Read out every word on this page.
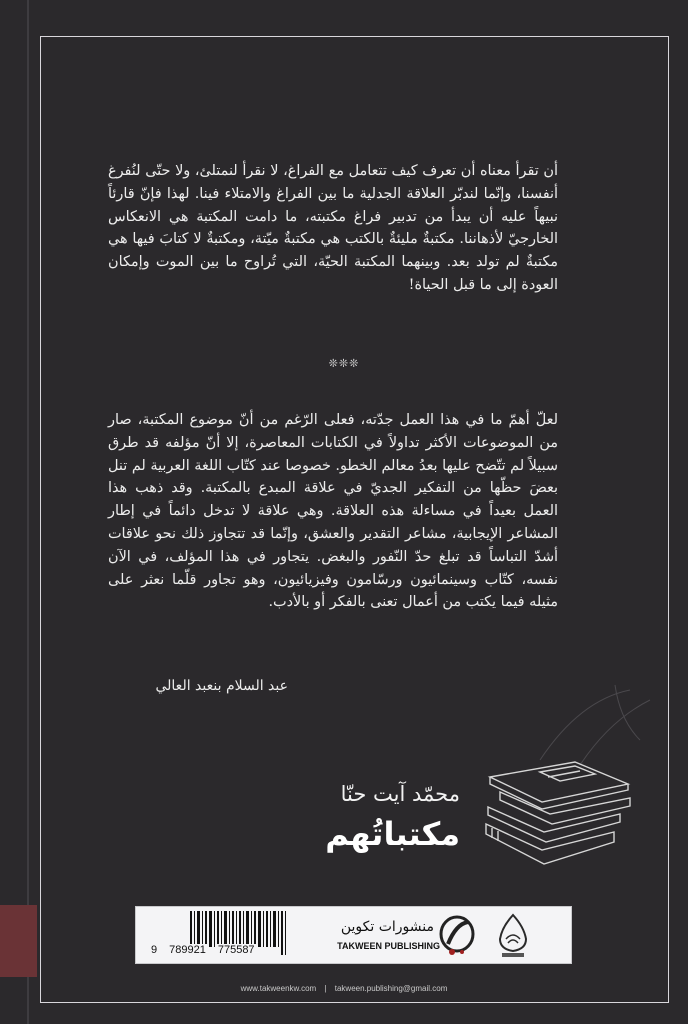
أن تقرأ معناه أن تعرف كيف تتعامل مع الفراغ، لا نقرأ لنمتلئ، ولا حتّى لنُفرغ أنفسنا، وإنّما لندبّر العلاقة الجدلية ما بين الفراغ والامتلاء فينا. لهذا فإنّ قارئاً نبيهاً عليه أن يبدأ من تدبير فراغ مكتبته، ما دامت المكتبة هي الانعكاس الخارجيّ لأذهاننا. مكتبةٌ مليئةٌ بالكتب هي مكتبةٌ ميّتة، ومكتبةٌ لا كتابَ فيها هي مكتبةٌ لم تولد بعد. وبينهما المكتبة الحيّة، التي تُراوح ما بين الموت وإمكان العودة إلى ما قبل الحياة!
❊❊❊
لعلّ أهمّ ما في هذا العمل جدّته، فعلى الرّغم من أنّ موضوع المكتبة، صار من الموضوعات الأكثر تداولاً في الكتابات المعاصرة، إلا أنّ مؤلفه قد طرق سبيلاً لم تتّضح عليها بعدُ معالم الخطو. خصوصا عند كتّاب اللغة العربية لم تنل بعضَ حظّها من التفكير الجديّ في علاقة المبدع بالمكتبة. وقد ذهب هذا العمل بعيداً في مساءلة هذه العلاقة. وهي علاقة لا تدخل دائماً في إطار المشاعر الإيجابية، مشاعر التقدير والعشق، وإنّما قد تتجاوز ذلك نحو علاقات أشدّ التباساً قد تبلغ حدّ النّفور والبغض. يتجاور في هذا المؤلف، في الآن نفسه، كتّاب وسينمائيون ورسّامون وفيزيائيون، وهو تجاور قلّما نعثر على مثيله فيما يكتب من أعمال تعنى بالفكر أو بالأدب.
عبد السلام بنعبد العالي
محمّد آيت حنّا
مكتباتُهم
9 789921 775587
منشورات تكوين
TAKWEEN PUBLISHING
www.takweenkw.com | takween.publishing@gmail.com
